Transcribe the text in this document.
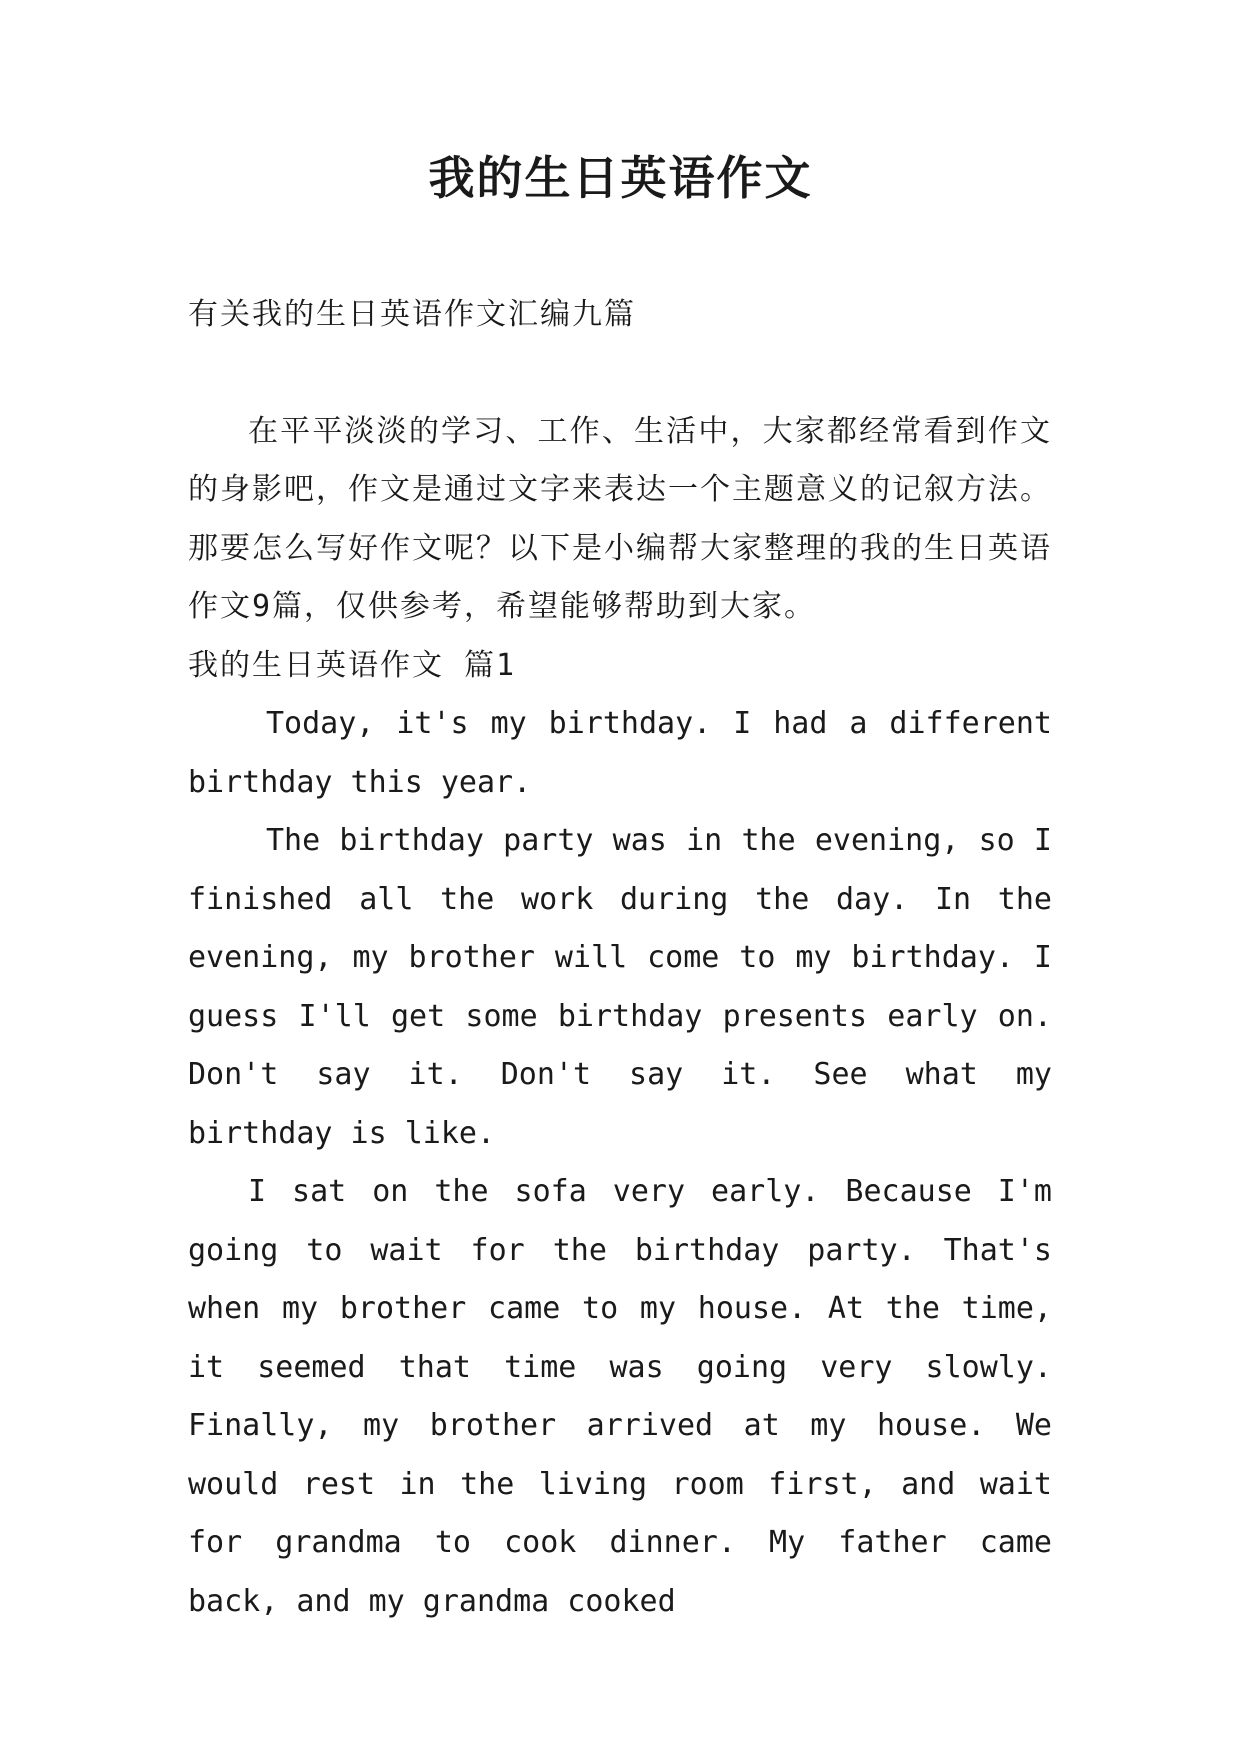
我的生日英语作文

有关我的生日英语作文汇编九篇

在平平淡淡的学习、工作、生活中，大家都经常看到作文的身影吧，作文是通过文字来表达一个主题意义的记叙方法。那要怎么写好作文呢？以下是小编帮大家整理的我的生日英语作文9篇，仅供参考，希望能够帮助到大家。

我的生日英语作文 篇1

Today, it's my birthday. I had a different birthday this year.

The birthday party was in the evening, so I finished all the work during the day. In the evening, my brother will come to my birthday. I guess I'll get some birthday presents early on. Don't say it. Don't say it. See what my birthday is like.

I sat on the sofa very early. Because I'm going to wait for the birthday party. That's when my brother came to my house. At the time, it seemed that time was going very slowly. Finally, my brother arrived at my house. We would rest in the living room first, and wait for grandma to cook dinner. My father came back, and my grandma cooked
